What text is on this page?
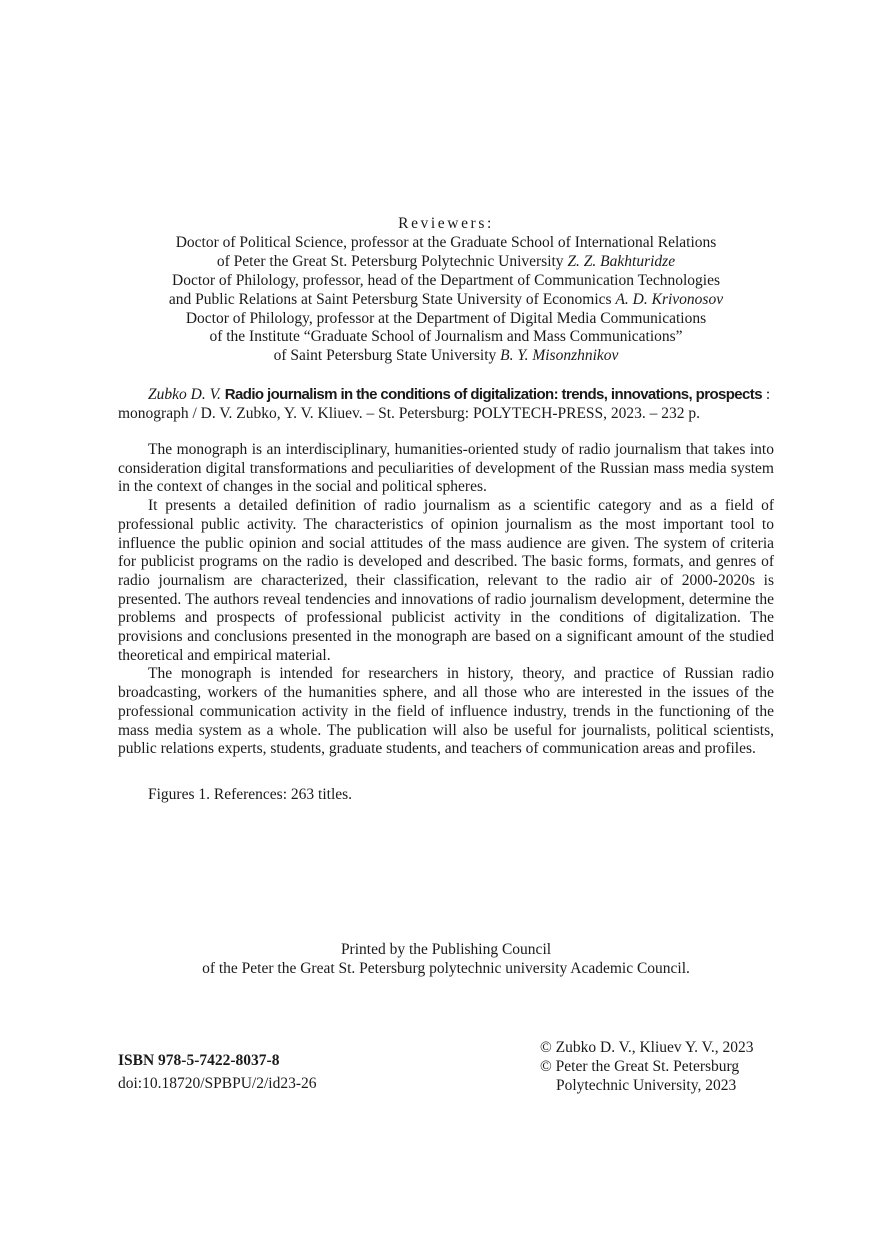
Reviewers:
Doctor of Political Science, professor at the Graduate School of International Relations
of Peter the Great St. Petersburg Polytechnic University Z. Z. Bakhturidze
Doctor of Philology, professor, head of the Department of Communication Technologies
and Public Relations at Saint Petersburg State University of Economics A. D. Krivonosov
Doctor of Philology, professor at the Department of Digital Media Communications
of the Institute “Graduate School of Journalism and Mass Communications”
of Saint Petersburg State University B. Y. Misonzhnikov
Zubko D. V. Radio journalism in the conditions of digitalization: trends, innovations, prospects :
monograph / D. V. Zubko, Y. V. Kliuev. – St. Petersburg: POLYTECH-PRESS, 2023. – 232 p.

The monograph is an interdisciplinary, humanities-oriented study of radio journalism that takes into consideration digital transformations and peculiarities of development of the Russian mass media system in the context of changes in the social and political spheres.

It presents a detailed definition of radio journalism as a scientific category and as a field of professional public activity. The characteristics of opinion journalism as the most important tool to influence the public opinion and social attitudes of the mass audience are given. The system of criteria for publicist programs on the radio is developed and described. The basic forms, formats, and genres of radio journalism are characterized, their classification, relevant to the radio air of 2000-2020s is presented. The authors reveal tendencies and innovations of radio journalism development, determine the problems and prospects of professional publicist activity in the conditions of digitalization. The provisions and conclusions presented in the monograph are based on a significant amount of the studied theoretical and empirical material.

The monograph is intended for researchers in history, theory, and practice of Russian radio broadcasting, workers of the humanities sphere, and all those who are interested in the issues of the professional communication activity in the field of influence industry, trends in the functioning of the mass media system as a whole. The publication will also be useful for journalists, political scientists, public relations experts, students, graduate students, and teachers of communication areas and profiles.

Figures 1. References: 263 titles.
Printed by the Publishing Council
of the Peter the Great St. Petersburg polytechnic university Academic Council.
ISBN 978-5-7422-8037-8
doi:10.18720/SPBPU/2/id23-26
© Zubko D. V., Kliuev Y. V., 2023
© Peter the Great St. Petersburg
Polytechnic University, 2023
